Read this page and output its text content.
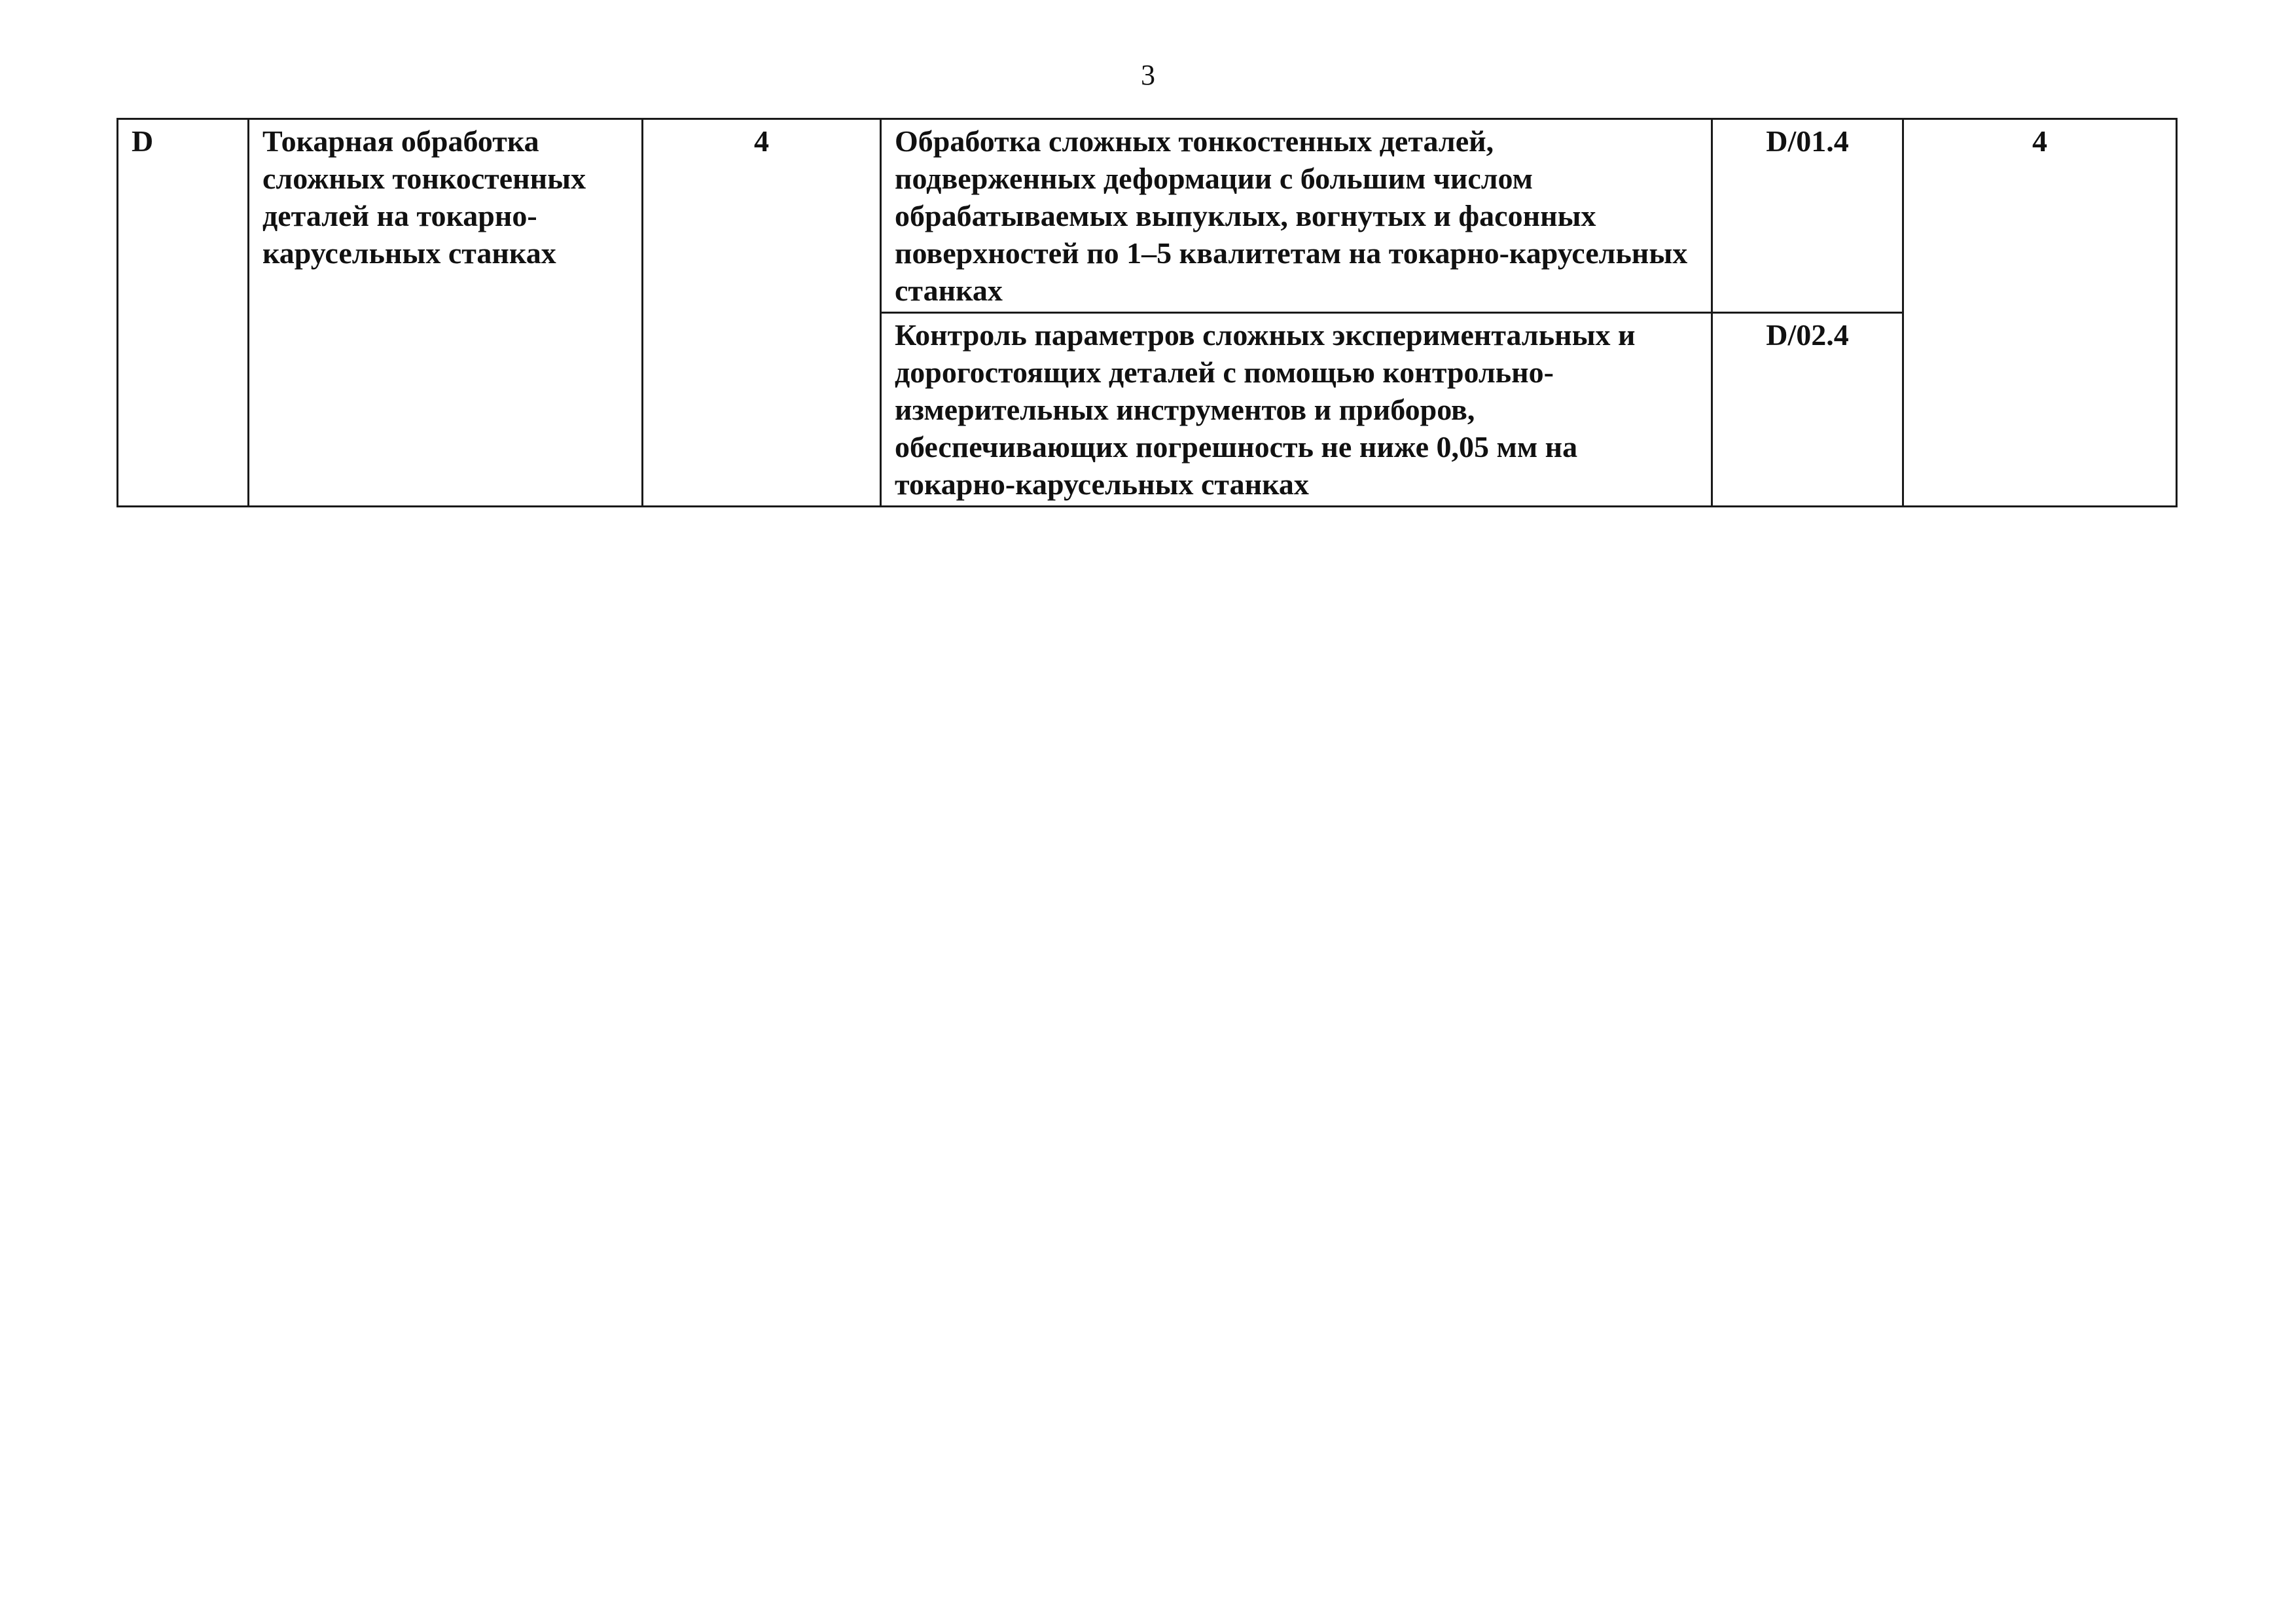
3
D	Токарная обработка сложных тонкостенных деталей на токарно-карусельных станках	4	Обработка сложных тонкостенных деталей, подверженных деформации с большим числом обрабатываемых выпуклых, вогнутых и фасонных поверхностей по 1–5 квалитетам на токарно-карусельных станках	D/01.4	4

			Контроль параметров сложных экспериментальных и дорогостоящих деталей с помощью контрольно-измерительных инструментов и приборов, обеспечивающих погрешность не ниже 0,05 мм на токарно-карусельных станках	D/02.4	
